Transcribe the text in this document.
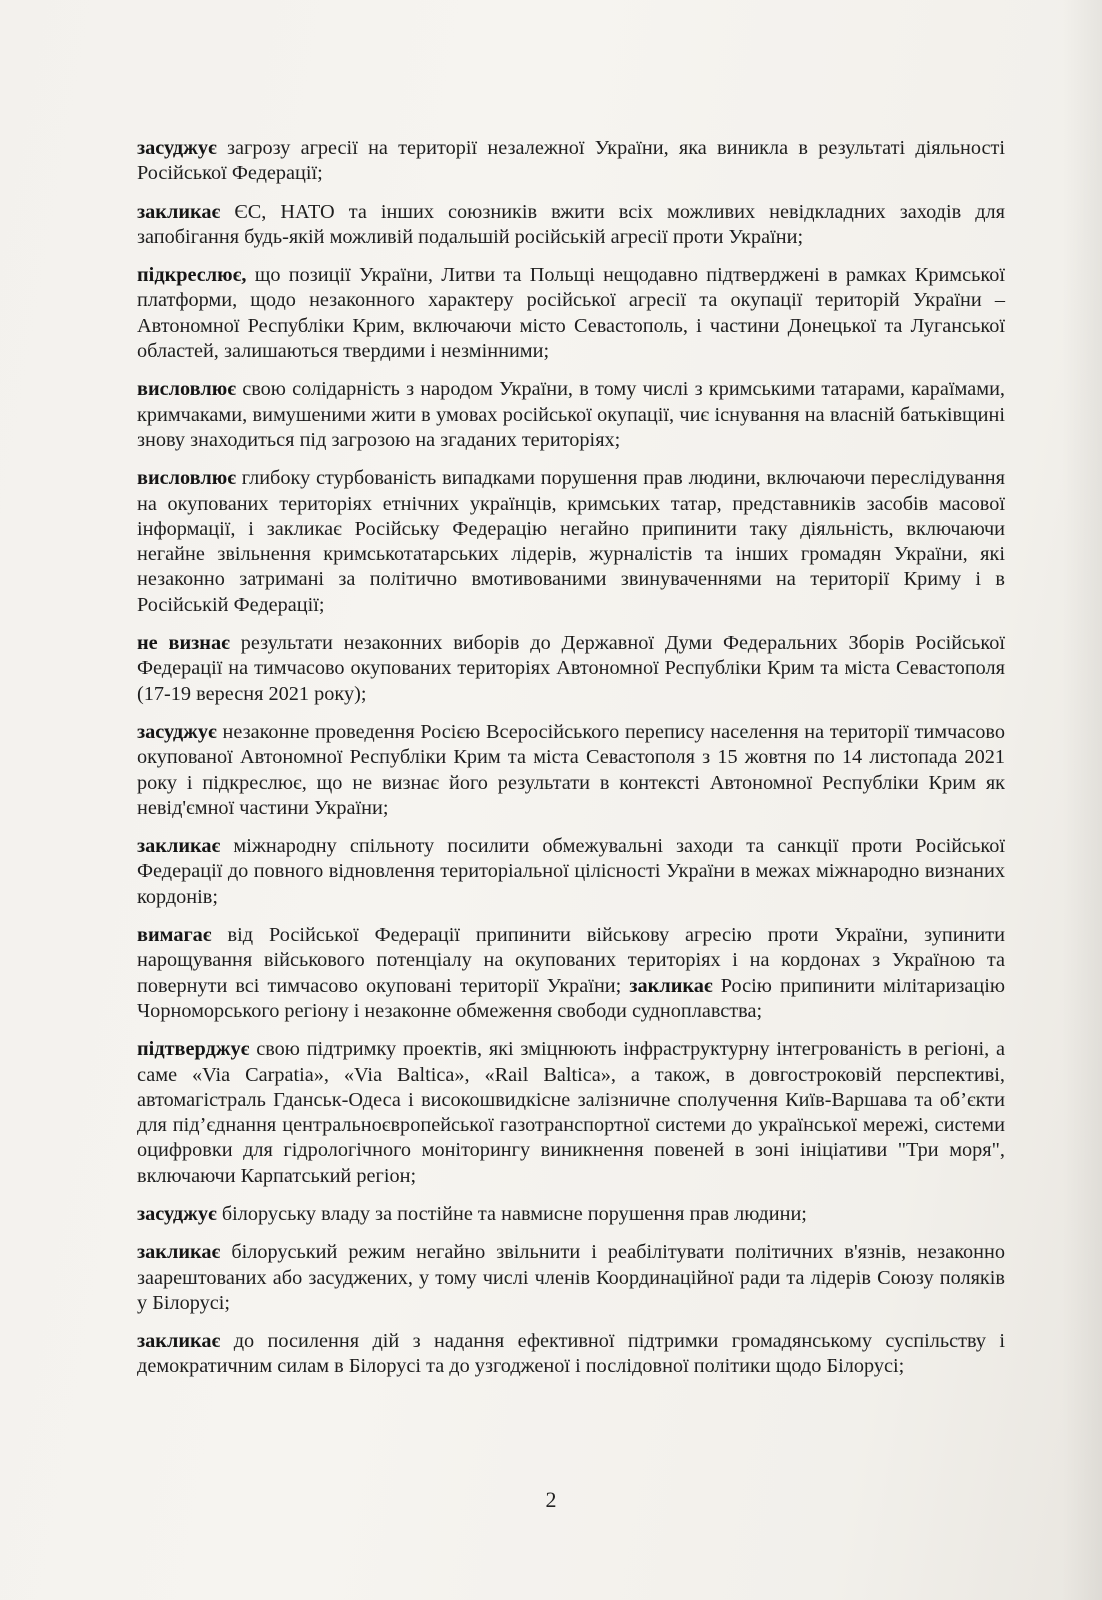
засуджує загрозу агресії на території незалежної України, яка виникла в результаті діяльності Російської Федерації;

закликає ЄС, НАТО та інших союзників вжити всіх можливих невідкладних заходів для запобігання будь-якій можливій подальшій російській агресії проти України;

підкреслює, що позиції України, Литви та Польщі нещодавно підтверджені в рамках Кримської платформи, щодо незаконного характеру російської агресії та окупації територій України – Автономної Республіки Крим, включаючи місто Севастополь, і частини Донецької та Луганської областей, залишаються твердими і незмінними;

висловлює свою солідарність з народом України, в тому числі з кримськими татарами, караїмами, кримчаками, вимушеними жити в умовах російської окупації, чиє існування на власній батьківщині знову знаходиться під загрозою на згаданих територіях;

висловлює глибоку стурбованість випадками порушення прав людини, включаючи переслідування на окупованих територіях етнічних українців, кримських татар, представників засобів масової інформації, і закликає Російську Федерацію негайно припинити таку діяльність, включаючи негайне звільнення кримськотатарських лідерів, журналістів та інших громадян України, які незаконно затримані за політично вмотивованими звинуваченнями на території Криму і в Російській Федерації;

не визнає результати незаконних виборів до Державної Думи Федеральних Зборів Російської Федерації на тимчасово окупованих територіях Автономної Республіки Крим та міста Севастополя (17-19 вересня 2021 року);

засуджує незаконне проведення Росією Всеросійського перепису населення на території тимчасово окупованої Автономної Республіки Крим та міста Севастополя з 15 жовтня по 14 листопада 2021 року і підкреслює, що не визнає його результати в контексті Автономної Республіки Крим як невід'ємної частини України;

закликає міжнародну спільноту посилити обмежувальні заходи та санкції проти Російської Федерації до повного відновлення територіальної цілісності України в межах міжнародно визнаних кордонів;

вимагає від Російської Федерації припинити військову агресію проти України, зупинити нарощування військового потенціалу на окупованих територіях і на кордонах з Україною та повернути всі тимчасово окуповані території України; закликає Росію припинити мілітаризацію Чорноморського регіону і незаконне обмеження свободи судноплавства;

підтверджує свою підтримку проектів, які зміцнюють інфраструктурну інтегрованість в регіоні, а саме «Via Carpatia», «Via Baltica», «Rail Baltica», а також, в довгостроковій перспективі, автомагістраль Гданськ-Одеса і високошвидкісне залізничне сполучення Київ-Варшава та об’єкти для під’єднання центральноєвропейської газотранспортної системи до української мережі, системи оцифровки для гідрологічного моніторингу виникнення повеней в зоні ініціативи "Три моря", включаючи Карпатський регіон;

засуджує білоруську владу за постійне та навмисне порушення прав людини;

закликає білоруський режим негайно звільнити і реабілітувати політичних в'язнів, незаконно заарештованих або засуджених, у тому числі членів Координаційної ради та лідерів Союзу поляків у Білорусі;

закликає до посилення дій з надання ефективної підтримки громадянському суспільству і демократичним силам в Білорусі та до узгодженої і послідовної політики щодо Білорусі;

2
